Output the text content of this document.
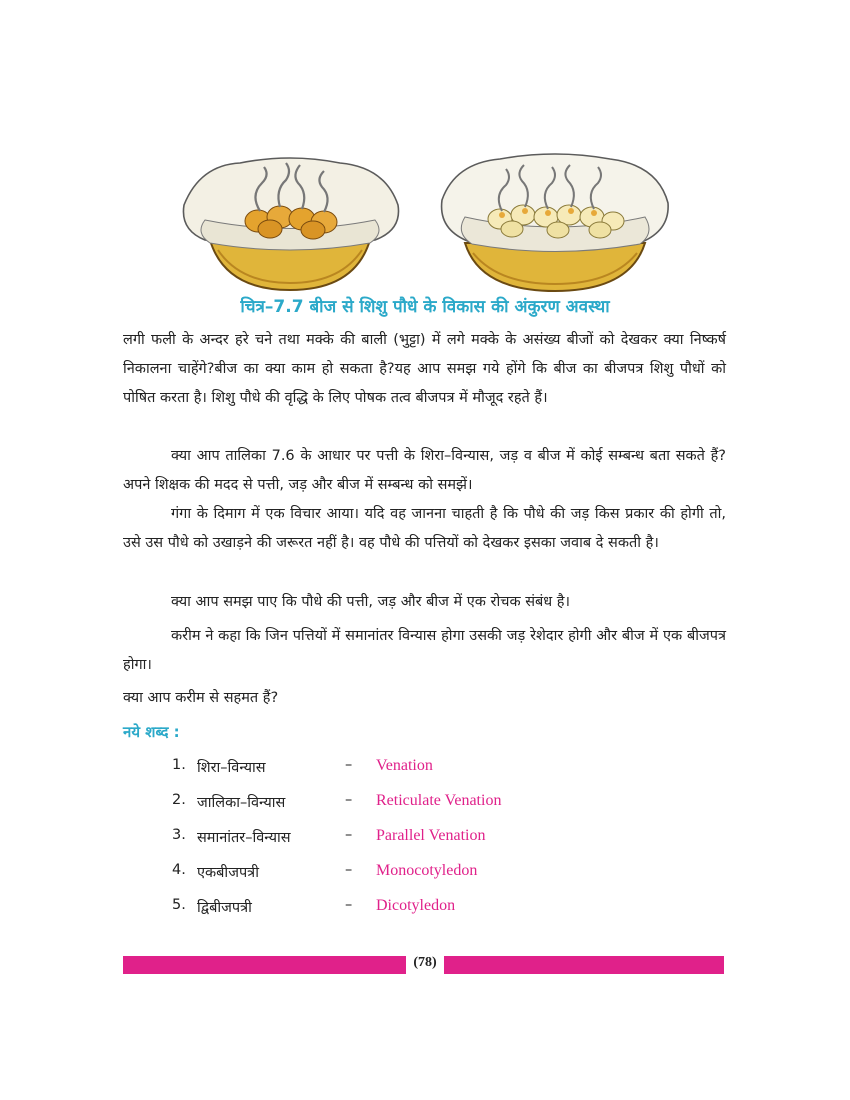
चित्र–7.7 बीज से शिशु पौधे के विकास की अंकुरण अवस्था

लगी फली के अन्दर हरे चने तथा मक्के की बाली (भुट्टा) में लगे मक्के के असंख्य बीजों को देखकर क्या निष्कर्ष निकालना चाहेंगे?बीज का क्या काम हो सकता है?यह आप समझ गये होंगे कि बीज का बीजपत्र शिशु पौधों को पोषित करता है। शिशु पौधे की वृद्धि के लिए पोषक तत्व बीजपत्र में मौजूद रहते हैं।

क्या आप तालिका 7.6 के आधार पर पत्ती के शिरा–विन्यास, जड़ व बीज में कोई सम्बन्ध बता सकते हैं?अपने शिक्षक की मदद से पत्ती, जड़ और बीज में सम्बन्ध को समझें।

गंगा के दिमाग में एक विचार आया। यदि वह जानना चाहती है कि पौधे की जड़ किस प्रकार की होगी तो, उसे उस पौधे को उखाड़ने की जरूरत नहीं है। वह पौधे की पत्तियों को देखकर इसका जवाब दे सकती है।

क्या आप समझ पाए कि पौधे की पत्ती, जड़ और बीज में एक रोचक संबंध है।

करीम ने कहा कि जिन पत्तियों में समानांतर विन्यास होगा उसकी जड़ रेशेदार होगी और बीज में एक बीजपत्र होगा।

क्या आप करीम से सहमत हैं?

नये शब्द :
1. शिरा–विन्यास	– Venation
2. जालिका–विन्यास	– Reticulate Venation
3. समानांतर–विन्यास	– Parallel Venation
4. एकबीजपत्री	– Monocotyledon
5. द्विबीजपत्री	– Dicotyledon
(78)
